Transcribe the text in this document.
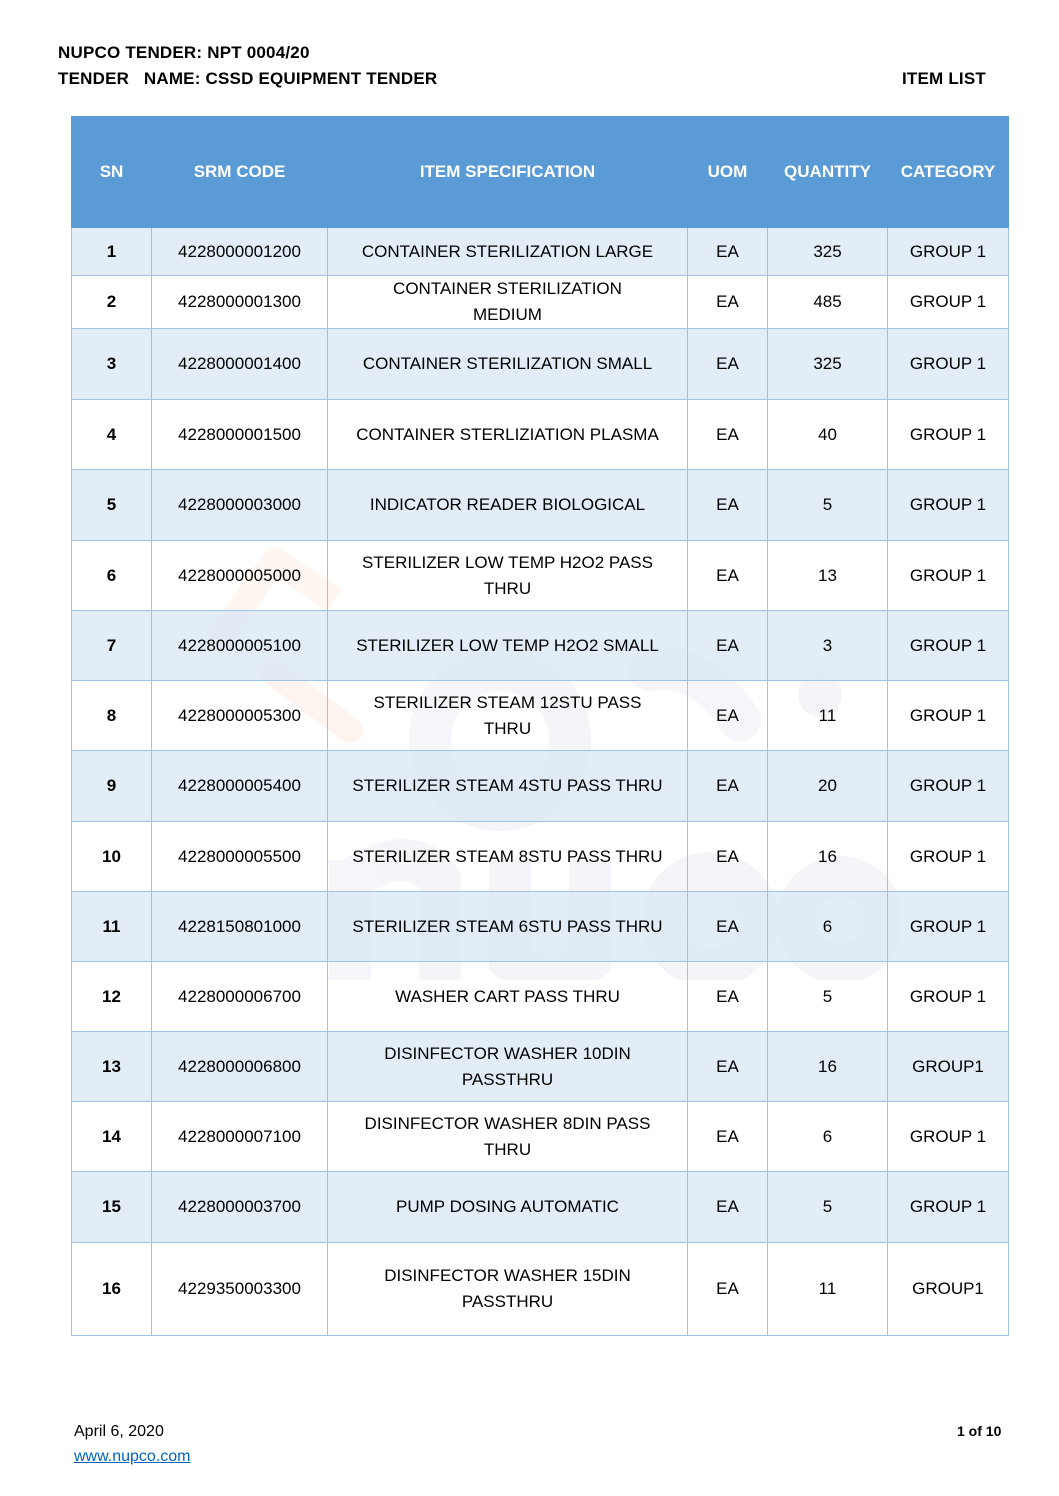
NUPCO TENDER: NPT 0004/20
TENDER   NAME: CSSD EQUIPMENT TENDER	ITEM LIST
SN	SRM CODE	ITEM SPECIFICATION	UOM	QUANTITY	CATEGORY
1	4228000001200	CONTAINER STERILIZATION LARGE	EA	325	GROUP 1
2	4228000001300	CONTAINER STERILIZATION MEDIUM	EA	485	GROUP 1
3	4228000001400	CONTAINER STERILIZATION SMALL	EA	325	GROUP 1
4	4228000001500	CONTAINER STERLIZIATION PLASMA	EA	40	GROUP 1
5	4228000003000	INDICATOR READER BIOLOGICAL	EA	5	GROUP 1
6	4228000005000	STERILIZER LOW TEMP H2O2 PASS THRU	EA	13	GROUP 1
7	4228000005100	STERILIZER LOW TEMP H2O2 SMALL	EA	3	GROUP 1
8	4228000005300	STERILIZER STEAM 12STU PASS THRU	EA	11	GROUP 1
9	4228000005400	STERILIZER STEAM 4STU PASS THRU	EA	20	GROUP 1
10	4228000005500	STERILIZER STEAM 8STU PASS THRU	EA	16	GROUP 1
11	4228150801000	STERILIZER STEAM 6STU PASS THRU	EA	6	GROUP 1
12	4228000006700	WASHER CART PASS THRU	EA	5	GROUP 1
13	4228000006800	DISINFECTOR WASHER 10DIN PASSTHRU	EA	16	GROUP1
14	4228000007100	DISINFECTOR WASHER 8DIN PASS THRU	EA	6	GROUP 1
15	4228000003700	PUMP DOSING AUTOMATIC	EA	5	GROUP 1
16	4229350003300	DISINFECTOR WASHER 15DIN PASSTHRU	EA	11	GROUP1
April 6, 2020
www.nupco.com
1 of 10
